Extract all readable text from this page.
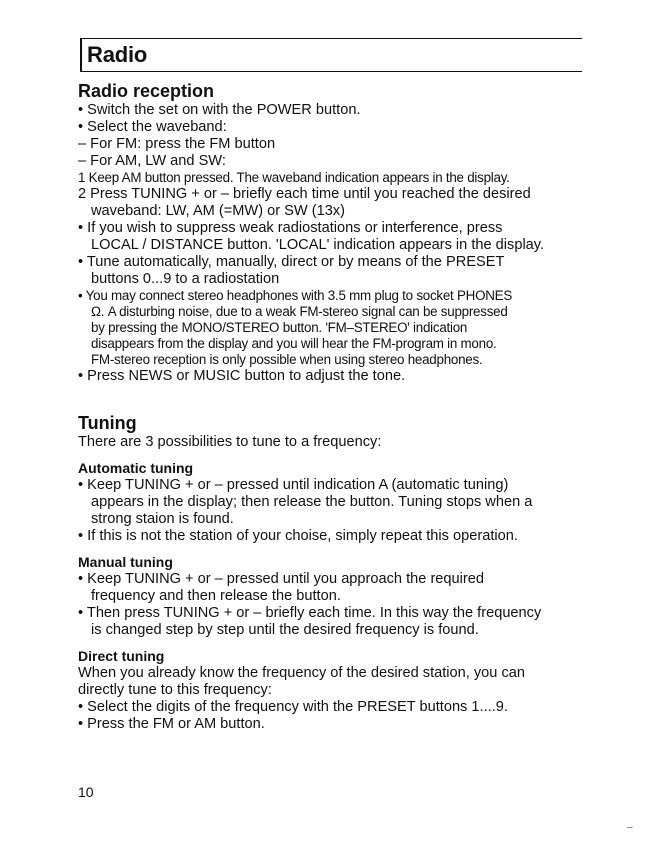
Radio
Radio reception

• Switch the set on with the POWER button.

• Select the waveband:

– For FM: press the FM button

– For AM, LW and SW:

1 Keep AM button pressed. The waveband indication appears in the display.

2 Press TUNING + or – briefly each time until you reached the desired

waveband: LW, AM (=MW) or SW (13x)

• If you wish to suppress weak radiostations or interference, press

LOCAL / DISTANCE button. 'LOCAL' indication appears in the display.

• Tune automatically, manually, direct or by means of the PRESET

buttons 0...9 to a radiostation

• You may connect stereo headphones with 3.5 mm plug to socket PHONES

Ω. A disturbing noise, due to a weak FM-stereo signal can be suppressed

by pressing the MONO/STEREO button. 'FM–STEREO' indication

disappears from the display and you will hear the FM-program in mono.

FM-stereo reception is only possible when using stereo headphones.

• Press NEWS or MUSIC button to adjust the tone.

Tuning

There are 3 possibilities to tune to a frequency:

Automatic tuning

• Keep TUNING + or – pressed until indication A (automatic tuning)

appears in the display; then release the button. Tuning stops when a

strong staion is found.

• If this is not the station of your choise, simply repeat this operation.

Manual tuning

• Keep TUNING + or – pressed until you approach the required

frequency and then release the button.

• Then press TUNING + or – briefly each time. In this way the frequency

is changed step by step until the desired frequency is found.

Direct tuning

When you already know the frequency of the desired station, you can

directly tune to this frequency:

• Select the digits of the frequency with the PRESET buttons 1....9.

• Press the FM or AM button.

10
–
